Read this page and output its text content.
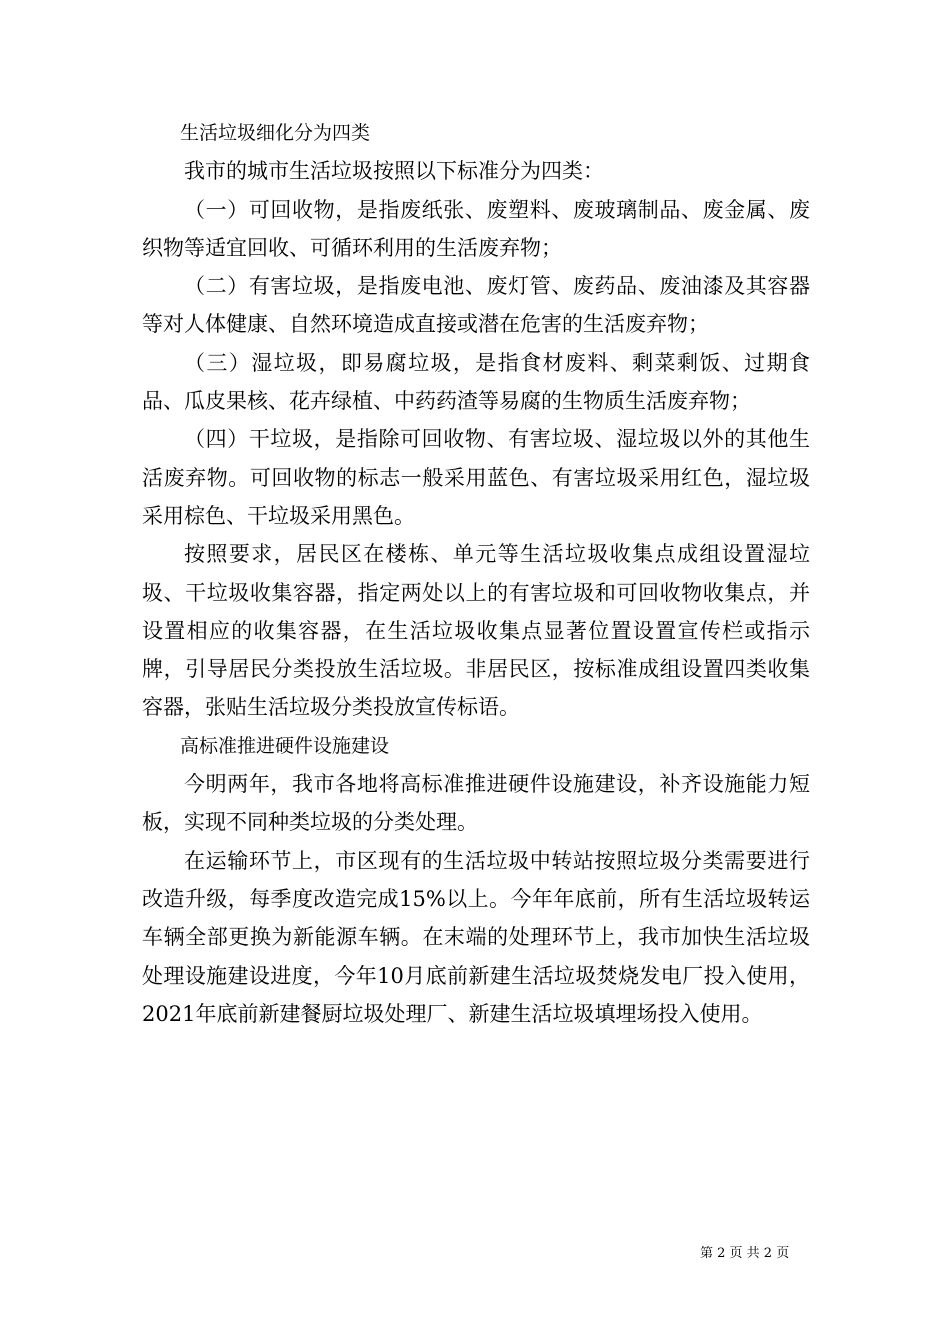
生活垃圾细化分为四类

我市的城市生活垃圾按照以下标准分为四类：

（一）可回收物，是指废纸张、废塑料、废玻璃制品、废金属、废织物等适宜回收、可循环利用的生活废弃物；

（二）有害垃圾，是指废电池、废灯管、废药品、废油漆及其容器等对人体健康、自然环境造成直接或潜在危害的生活废弃物；

（三）湿垃圾，即易腐垃圾，是指食材废料、剩菜剩饭、过期食品、瓜皮果核、花卉绿植、中药药渣等易腐的生物质生活废弃物；

（四）干垃圾，是指除可回收物、有害垃圾、湿垃圾以外的其他生活废弃物。可回收物的标志一般采用蓝色、有害垃圾采用红色，湿垃圾采用棕色、干垃圾采用黑色。

按照要求，居民区在楼栋、单元等生活垃圾收集点成组设置湿垃圾、干垃圾收集容器，指定两处以上的有害垃圾和可回收物收集点，并设置相应的收集容器，在生活垃圾收集点显著位置设置宣传栏或指示牌，引导居民分类投放生活垃圾。非居民区，按标准成组设置四类收集容器，张贴生活垃圾分类投放宣传标语。

高标准推进硬件设施建设

今明两年，我市各地将高标准推进硬件设施建设，补齐设施能力短板，实现不同种类垃圾的分类处理。

在运输环节上，市区现有的生活垃圾中转站按照垃圾分类需要进行改造升级，每季度改造完成15%以上。今年年底前，所有生活垃圾转运车辆全部更换为新能源车辆。在末端的处理环节上，我市加快生活垃圾处理设施建设进度，今年10月底前新建生活垃圾焚烧发电厂投入使用，2021年底前新建餐厨垃圾处理厂、新建生活垃圾填埋场投入使用。

第 2 页 共 2 页
